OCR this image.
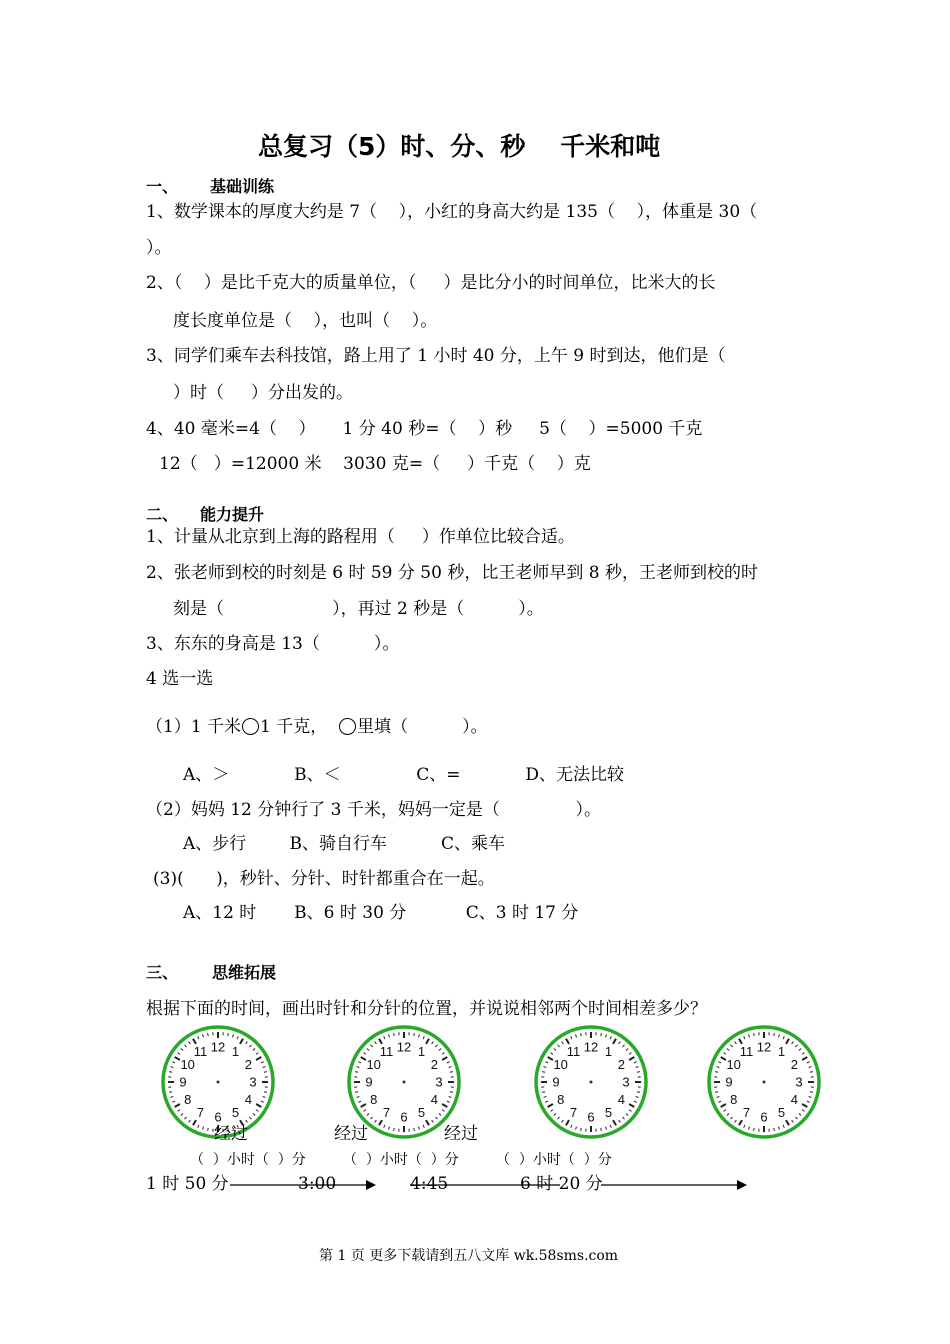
总复习（5）时、分、秒    千米和吨
一、 基础训练
1、数学课本的厚度大约是 7（    ），小红的身高大约是 135（    ），体重是 30（
）。
2、（    ）是比千克大的质量单位，（     ）是比分小的时间单位，比米大的长
度长度单位是（    ），也叫（    ）。
3、同学们乘车去科技馆，路上用了 1 小时 40 分，上午 9 时到达，他们是（
）时（     ）分出发的。
4、40 毫米=4（    ）     1 分 40 秒=（    ）秒     5（    ）=5000 千克
12（   ）=12000 米    3030 克=（     ）千克（    ）克
二、 能力提升
1、计量从北京到上海的路程用（     ）作单位比较合适。
2、张老师到校的时刻是 6 时 59 分 50 秒，比王老师早到 8 秒，王老师到校的时
刻是（                    ），再过 2 秒是（          ）。
3、东东的身高是 13（          ）。
4 选一选
（1）1 千米 1 千克， 里填（          ）。
A、＞            B、＜              C、=            D、无法比较
（2）妈妈 12 分钟行了 3 千米，妈妈一定是（              ）。
A、步行        B、骑自行车          C、乘车
(3)(      )，秒针、分针、时针都重合在一起。
A、12 时       B、6 时 30 分           C、3 时 17 分
三、 思维拓展
根据下面的时间，画出时针和分针的位置，并说说相邻两个时间相差多少？
12 1
2
3
4
5
6
7
8
9
10
11	12 1
2
3
4
5
6
7
8
9
10
11	12 1
2
3
4
5
6
7
8
9
10
11	12 1
2
3
4
5
6
7
8
9
10
11
经过	经过	经过
（  ）小时（  ）分	（  ）小时（  ）分	（  ）小时（  ）分
1 时 50 分	3:00	4:45	6 时 20 分
第 1 页 更多下载请到五八文库 wk.58sms.com
